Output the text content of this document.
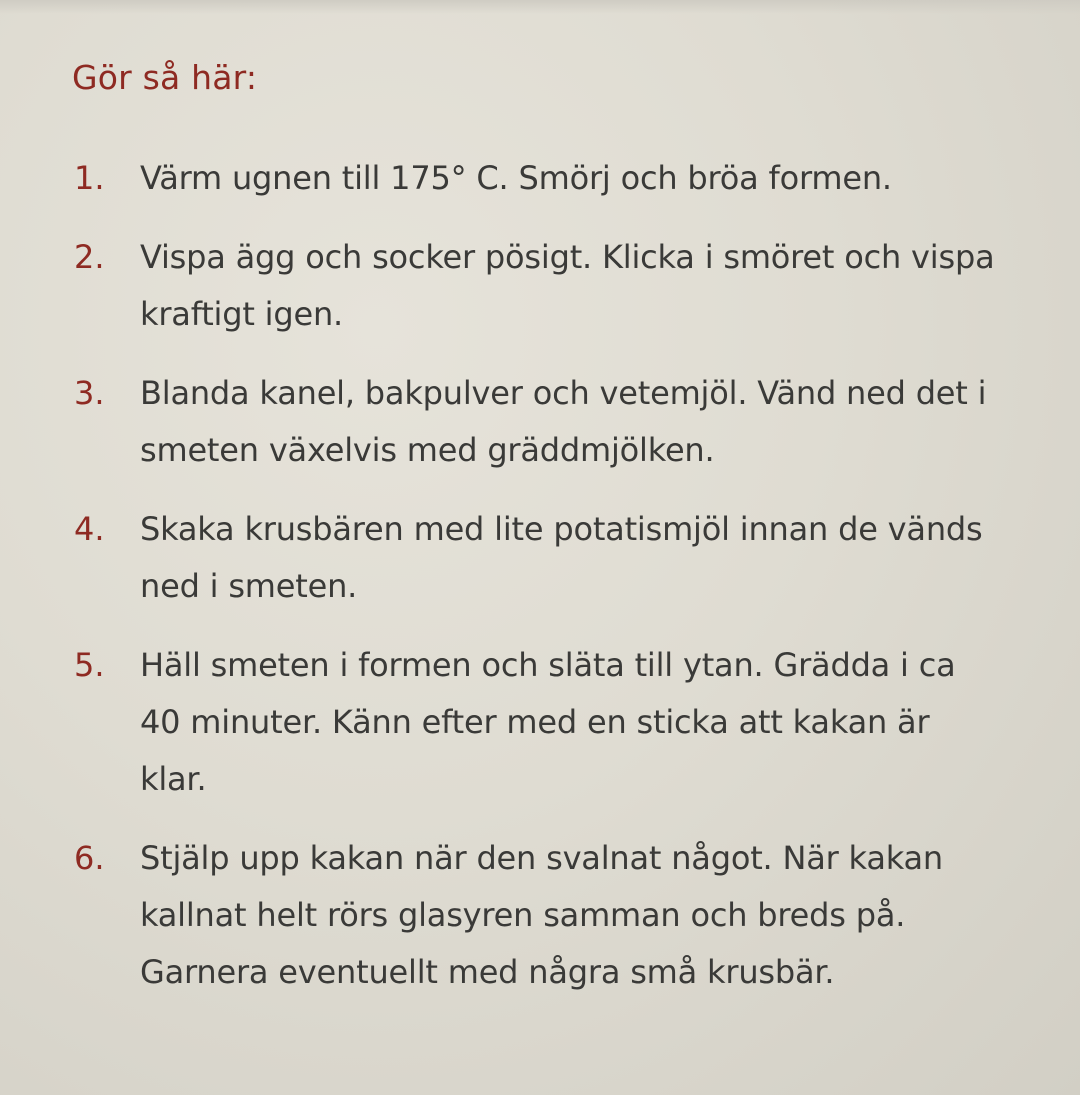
Gör så här:
1. Värm ugnen till 175° C. Smörj och bröa formen.
2. Vispa ägg och socker pösigt. Klicka i smöret och vispa kraftigt igen.
3. Blanda kanel, bakpulver och vetemjöl. Vänd ned det i smeten växelvis med gräddmjölken.
4. Skaka krusbären med lite potatismjöl innan de vänds ned i smeten.
5. Häll smeten i formen och släta till ytan. Grädda i ca 40 minuter. Känn efter med en sticka att kakan är klar.
6. Stjälp upp kakan när den svalnat något. När kakan kallnat helt rörs glasyren samman och breds på. Garnera eventuellt med några små krusbär.
